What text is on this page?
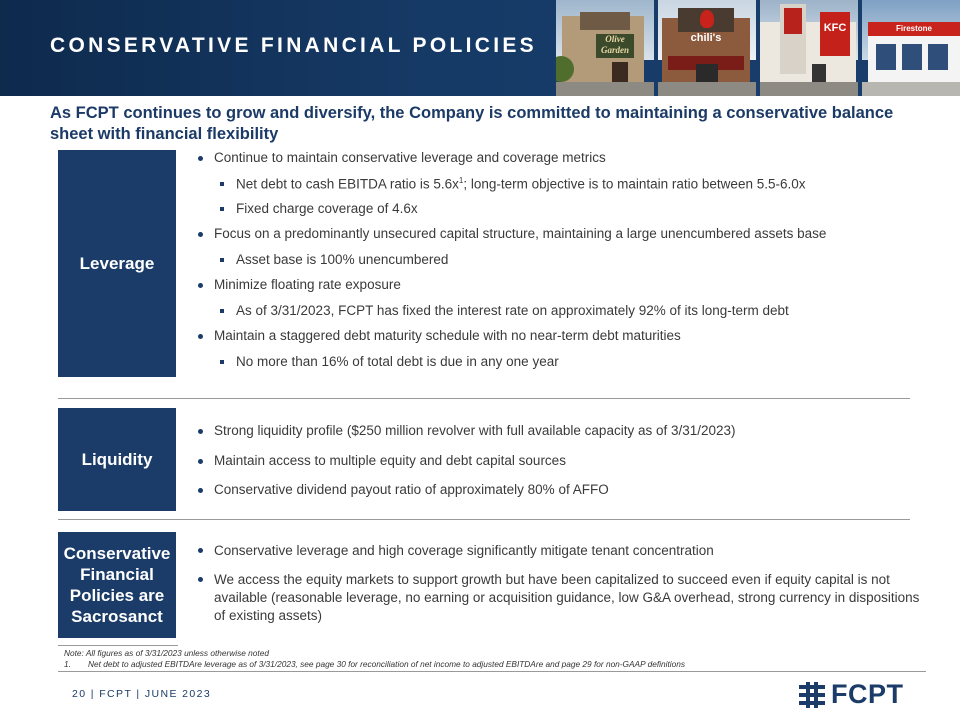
CONSERVATIVE FINANCIAL POLICIES	Olive Garden
chili's
KFC	Firestone
As FCPT continues to grow and diversify, the Company is committed to maintaining a conservative balance sheet with financial flexibility
Leverage
Continue to maintain conservative leverage and coverage metrics
Net debt to cash EBITDA ratio is $5.6x^1$; long-term objective is to maintain ratio between 5.5-6.0x
Fixed charge coverage of 4.6x
Focus on a predominantly unsecured capital structure, maintaining a large unencumbered assets base
Asset base is 100% unencumbered
Minimize floating rate exposure
As of 3/31/2023, FCPT has fixed the interest rate on approximately 92% of its long-term debt
Maintain a staggered debt maturity schedule with no near-term debt maturities
No more than 16% of total debt is due in any one year
Liquidity
Strong liquidity profile ($250 million revolver with full available capacity as of 3/31/2023)
Maintain access to multiple equity and debt capital sources
Conservative dividend payout ratio of approximately 80% of AFFO
Conservative Financial Policies are Sacrosanct
Conservative leverage and high coverage significantly mitigate tenant concentration
We access the equity markets to support growth but have been capitalized to succeed even if equity capital is not available (reasonable leverage, no earning or acquisition guidance, low G&A overhead, strong currency in dispositions of existing assets)
Note: All figures as of 3/31/2023 unless otherwise noted
1. Net debt to adjusted EBITDAre leverage as of 3/31/2023, see page 30 for reconciliation of net income to adjusted EBITDAre and page 29 for non-GAAP definitions
20 | FCPT | JUNE 2023	FCPT
